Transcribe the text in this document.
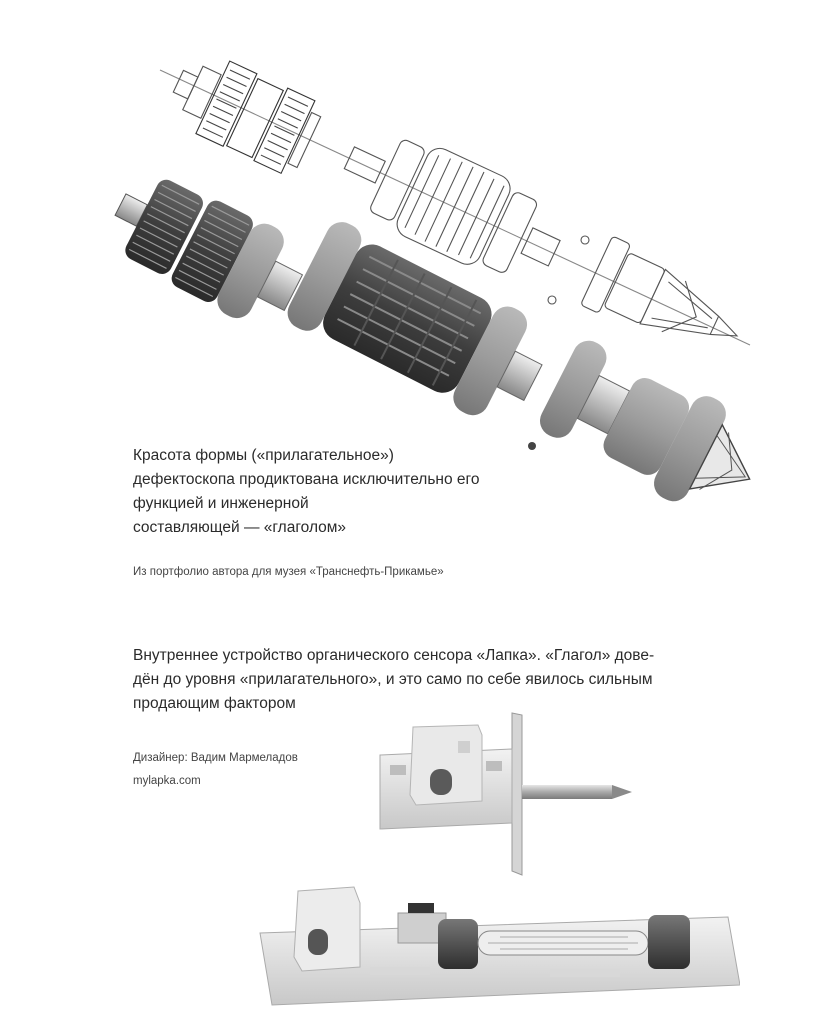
Красота формы («прилагательное»)
дефектоскопа продиктована исключительно его
функцией и инженерной
составляющей — «глаголом»

Из портфолио автора для музея «Транснефть-Прикамье»

Внутреннее устройство органического сенсора «Лапка». «Глагол» дове-
дён до уровня «прилагательного», и это само по себе явилось сильным
продающим фактором

Дизайнер: Вадим Мармеладов

mylapka.com
